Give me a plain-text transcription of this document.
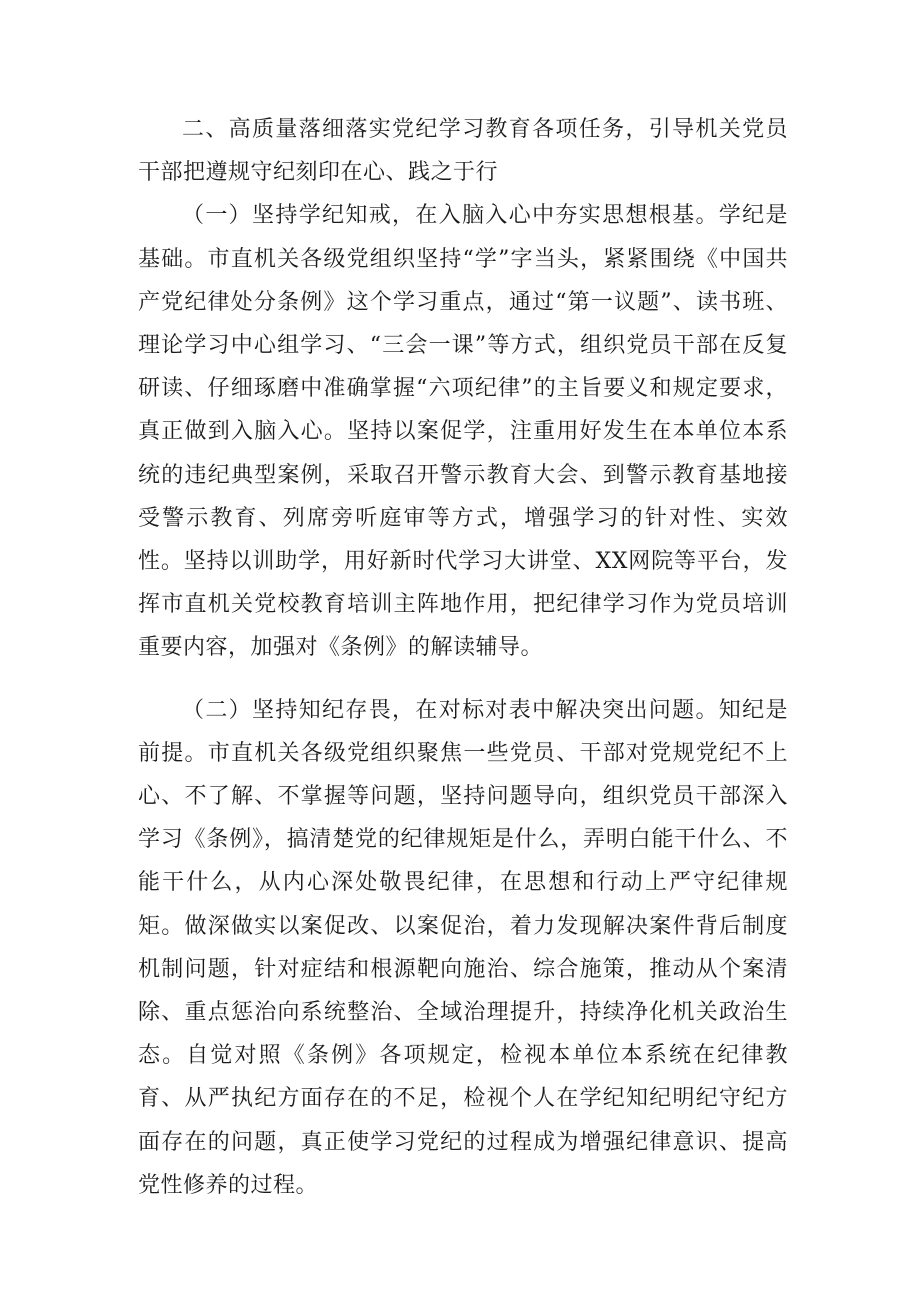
二、高质量落细落实党纪学习教育各项任务，引导机关党员干部把遵规守纪刻印在心、践之于行

（一）坚持学纪知戒，在入脑入心中夯实思想根基。学纪是基础。市直机关各级党组织坚持“学”字当头，紧紧围绕《中国共产党纪律处分条例》这个学习重点，通过“第一议题”、读书班、理论学习中心组学习、“三会一课”等方式，组织党员干部在反复研读、仔细琢磨中准确掌握“六项纪律”的主旨要义和规定要求，真正做到入脑入心。坚持以案促学，注重用好发生在本单位本系统的违纪典型案例，采取召开警示教育大会、到警示教育基地接受警示教育、列席旁听庭审等方式，增强学习的针对性、实效性。坚持以训助学，用好新时代学习大讲堂、XX网院等平台，发挥市直机关党校教育培训主阵地作用，把纪律学习作为党员培训重要内容，加强对《条例》的解读辅导。

（二）坚持知纪存畏，在对标对表中解决突出问题。知纪是前提。市直机关各级党组织聚焦一些党员、干部对党规党纪不上心、不了解、不掌握等问题，坚持问题导向，组织党员干部深入学习《条例》，搞清楚党的纪律规矩是什么，弄明白能干什么、不能干什么，从内心深处敬畏纪律，在思想和行动上严守纪律规矩。做深做实以案促改、以案促治，着力发现解决案件背后制度机制问题，针对症结和根源靶向施治、综合施策，推动从个案清除、重点惩治向系统整治、全域治理提升，持续净化机关政治生态。自觉对照《条例》各项规定，检视本单位本系统在纪律教育、从严执纪方面存在的不足，检视个人在学纪知纪明纪守纪方面存在的问题，真正使学习党纪的过程成为增强纪律意识、提高党性修养的过程。
